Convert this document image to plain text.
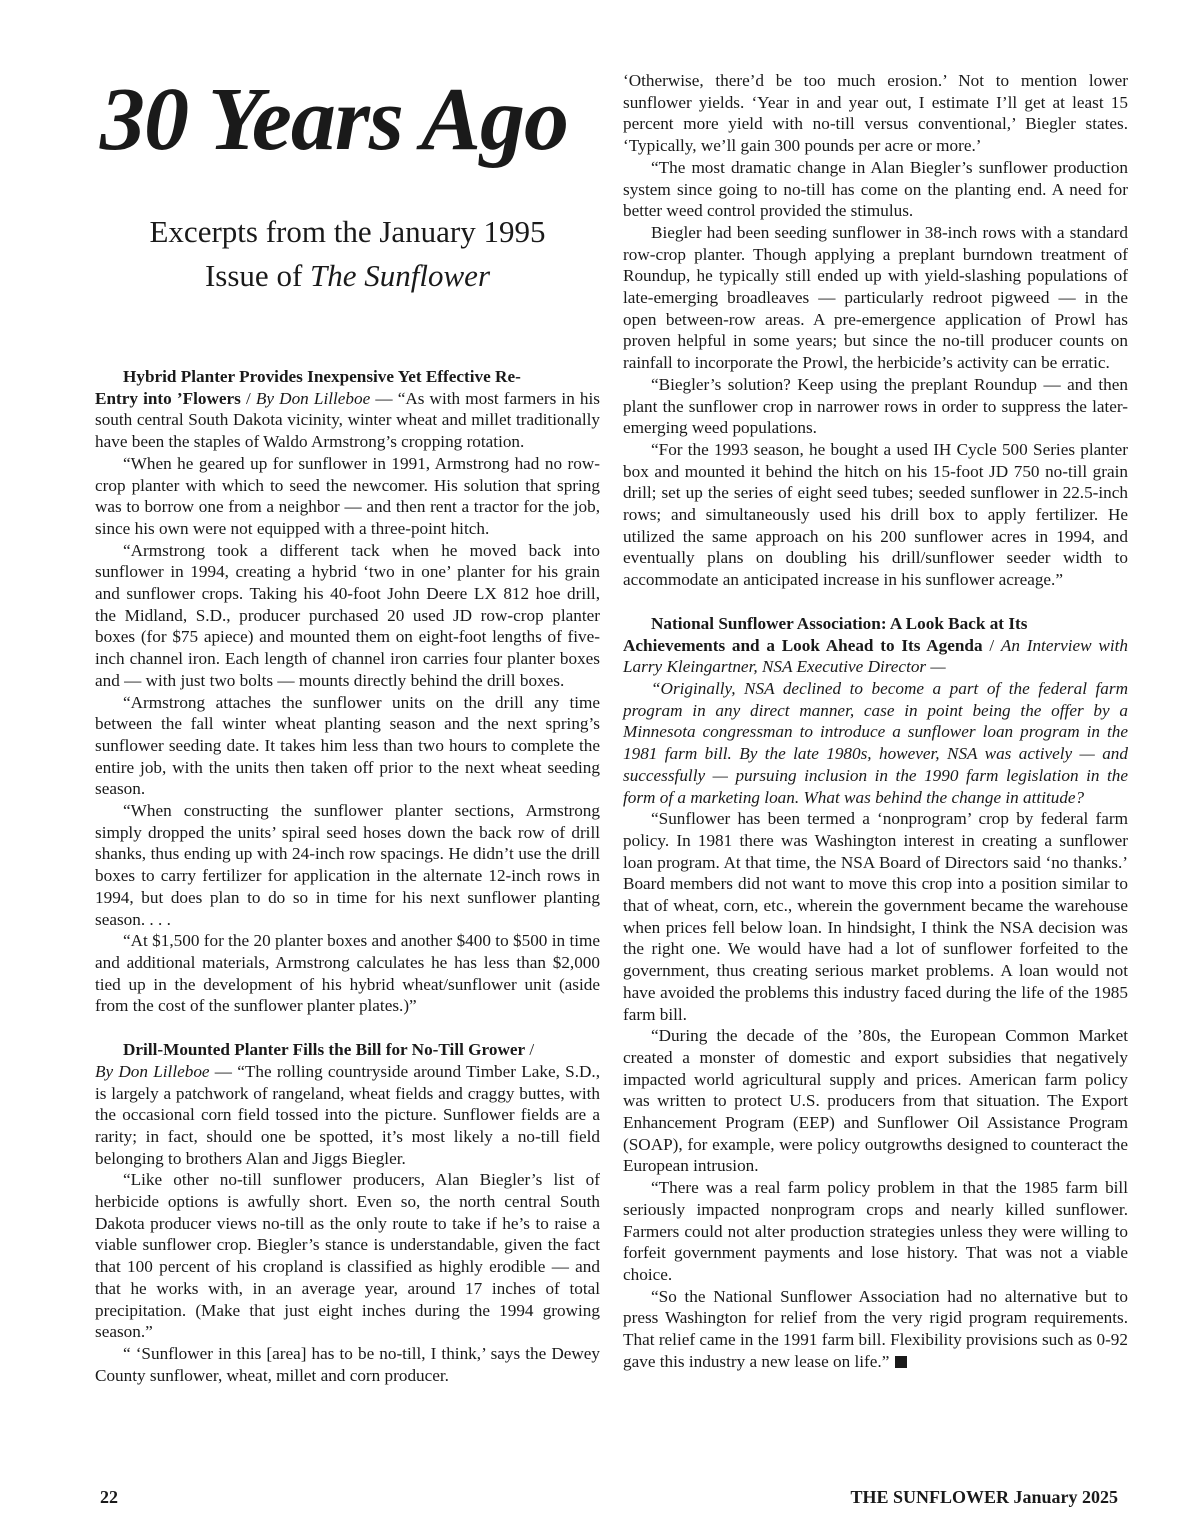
30 Years Ago
Excerpts from the January 1995
Issue of The Sunflower

Hybrid Planter Provides Inexpensive Yet Effective Re-
Entry into ’Flowers / By Don Lilleboe — “As with most farmers in his south central South Dakota vicinity, winter wheat and millet traditionally have been the staples of Waldo Armstrong’s cropping rotation.

“When he geared up for sunflower in 1991, Armstrong had no row-crop planter with which to seed the newcomer. His solution that spring was to borrow one from a neighbor — and then rent a tractor for the job, since his own were not equipped with a three-point hitch.

“Armstrong took a different tack when he moved back into sunflower in 1994, creating a hybrid ‘two in one’ planter for his grain and sunflower crops. Taking his 40-foot John Deere LX 812 hoe drill, the Midland, S.D., producer purchased 20 used JD row-crop planter boxes (for $75 apiece) and mounted them on eight-foot lengths of five-inch channel iron. Each length of channel iron carries four planter boxes and — with just two bolts — mounts directly behind the drill boxes.

“Armstrong attaches the sunflower units on the drill any time between the fall winter wheat planting season and the next spring’s sunflower seeding date. It takes him less than two hours to complete the entire job, with the units then taken off prior to the next wheat seeding season.

“When constructing the sunflower planter sections, Armstrong simply dropped the units’ spiral seed hoses down the back row of drill shanks, thus ending up with 24-inch row spacings. He didn’t use the drill boxes to carry fertilizer for application in the alternate 12-inch rows in 1994, but does plan to do so in time for his next sunflower planting season. . . .

“At $1,500 for the 20 planter boxes and another $400 to $500 in time and additional materials, Armstrong calculates he has less than $2,000 tied up in the development of his hybrid wheat/sunflower unit (aside from the cost of the sunflower planter plates.)”

Drill-Mounted Planter Fills the Bill for No-Till Grower /
By Don Lilleboe — “The rolling countryside around Timber Lake, S.D., is largely a patchwork of rangeland, wheat fields and craggy buttes, with the occasional corn field tossed into the picture. Sunflower fields are a rarity; in fact, should one be spotted, it’s most likely a no-till field belonging to brothers Alan and Jiggs Biegler.

“Like other no-till sunflower producers, Alan Biegler’s list of herbicide options is awfully short. Even so, the north central South Dakota producer views no-till as the only route to take if he’s to raise a viable sunflower crop. Biegler’s stance is understandable, given the fact that 100 percent of his cropland is classified as highly erodible — and that he works with, in an average year, around 17 inches of total precipitation. (Make that just eight inches during the 1994 growing season.”

“ ‘Sunflower in this [area] has to be no-till, I think,’ says the Dewey County sunflower, wheat, millet and corn producer.

‘Otherwise, there’d be too much erosion.’ Not to mention lower sunflower yields. ‘Year in and year out, I estimate I’ll get at least 15 percent more yield with no-till versus conventional,’ Biegler states. ‘Typically, we’ll gain 300 pounds per acre or more.’

“The most dramatic change in Alan Biegler’s sunflower production system since going to no-till has come on the planting end. A need for better weed control provided the stimulus.

Biegler had been seeding sunflower in 38-inch rows with a standard row-crop planter. Though applying a preplant burndown treatment of Roundup, he typically still ended up with yield-slashing populations of late-emerging broadleaves — particularly redroot pigweed — in the open between-row areas. A pre-emergence application of Prowl has proven helpful in some years; but since the no-till producer counts on rainfall to incorporate the Prowl, the herbicide’s activity can be erratic.

“Biegler’s solution? Keep using the preplant Roundup — and then plant the sunflower crop in narrower rows in order to suppress the later-emerging weed populations.

“For the 1993 season, he bought a used IH Cycle 500 Series planter box and mounted it behind the hitch on his 15-foot JD 750 no-till grain drill; set up the series of eight seed tubes; seeded sunflower in 22.5-inch rows; and simultaneously used his drill box to apply fertilizer. He utilized the same approach on his 200 sunflower acres in 1994, and eventually plans on doubling his drill/sunflower seeder width to accommodate an anticipated increase in his sunflower acreage.”

National Sunflower Association: A Look Back at Its
Achievements and a Look Ahead to Its Agenda / An Interview with Larry Kleingartner, NSA Executive Director —

“Originally, NSA declined to become a part of the federal farm program in any direct manner, case in point being the offer by a Minnesota congressman to introduce a sunflower loan program in the 1981 farm bill. By the late 1980s, however, NSA was actively — and successfully — pursuing inclusion in the 1990 farm legislation in the form of a marketing loan. What was behind the change in attitude?

“Sunflower has been termed a ‘nonprogram’ crop by federal farm policy. In 1981 there was Washington interest in creating a sunflower loan program. At that time, the NSA Board of Directors said ‘no thanks.’ Board members did not want to move this crop into a position similar to that of wheat, corn, etc., wherein the government became the warehouse when prices fell below loan. In hindsight, I think the NSA decision was the right one. We would have had a lot of sunflower forfeited to the government, thus creating serious market problems. A loan would not have avoided the problems this industry faced during the life of the 1985 farm bill.

“During the decade of the ’80s, the European Common Market created a monster of domestic and export subsidies that negatively impacted world agricultural supply and prices. American farm policy was written to protect U.S. producers from that situation. The Export Enhancement Program (EEP) and Sunflower Oil Assistance Program (SOAP), for example, were policy outgrowths designed to counteract the European intrusion.

“There was a real farm policy problem in that the 1985 farm bill seriously impacted nonprogram crops and nearly killed sunflower. Farmers could not alter production strategies unless they were willing to forfeit government payments and lose history. That was not a viable choice.

“So the National Sunflower Association had no alternative but to press Washington for relief from the very rigid program requirements. That relief came in the 1991 farm bill. Flexibility provisions such as 0-92 gave this industry a new lease on life.”

22	THE SUNFLOWER January 2025
